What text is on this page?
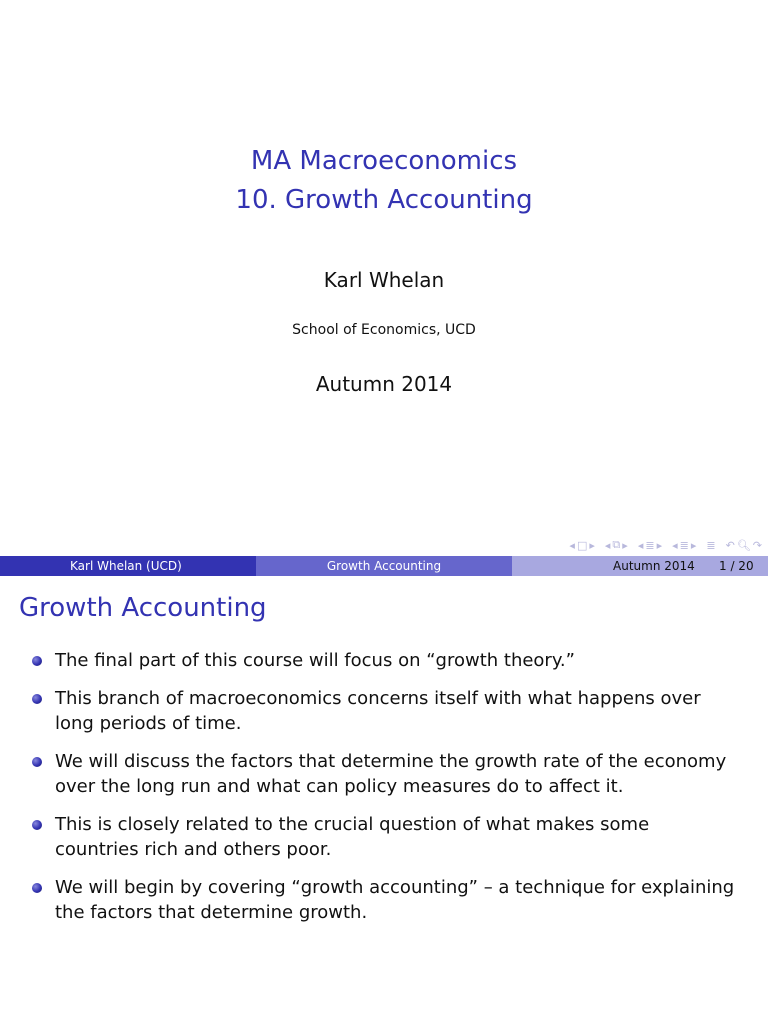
MA Macroeconomics
10. Growth Accounting
Karl Whelan
School of Economics, UCD
Autumn 2014
◂ □ ▸ ◂ ⧉ ▸ ◂ ≣ ▸ ◂ ≣ ▸ ≣ ↶ 🔍︎ ↷
Karl Whelan (UCD)	Growth Accounting	Autumn 2014 1 / 20
Growth Accounting
The final part of this course will focus on “growth theory.”
This branch of macroeconomics concerns itself with what happens over long periods of time.
We will discuss the factors that determine the growth rate of the economy over the long run and what can policy measures do to affect it.
This is closely related to the crucial question of what makes some countries rich and others poor.
We will begin by covering “growth accounting” – a technique for explaining the factors that determine growth.
